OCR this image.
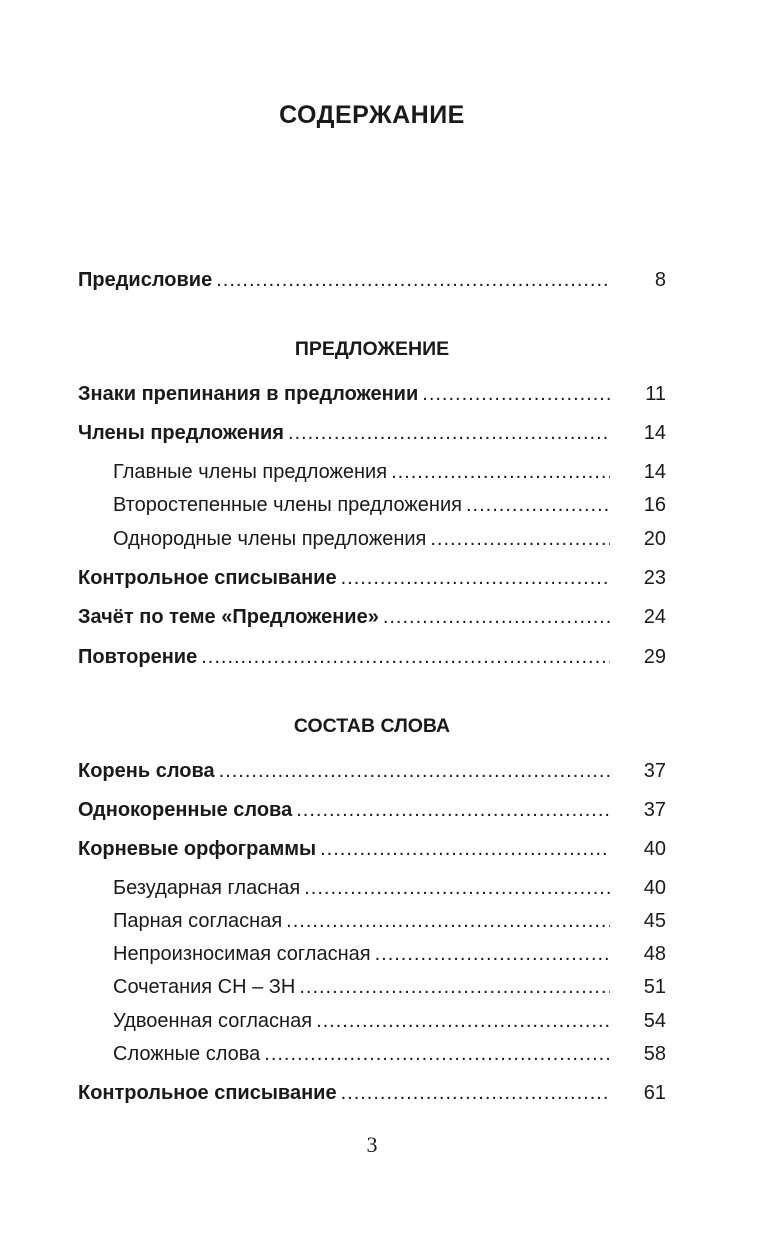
СОДЕРЖАНИЕ
Предисловие .....	8
ПРЕДЛОЖЕНИЕ
Знаки препинания в предложении .....	11
Члены предложения .....	14
Главные члены предложения .....	14
Второстепенные члены предложения .....	16
Однородные члены предложения .....	20
Контрольное списывание .....	23
Зачёт по теме «Предложение» .....	24
Повторение .....	29
СОСТАВ СЛОВА
Корень слова .....	37
Однокоренные слова .....	37
Корневые орфограммы .....	40
Безударная гласная .....	40
Парная согласная .....	45
Непроизносимая согласная .....	48
Сочетания СН – ЗН .....	51
Удвоенная согласная .....	54
Сложные слова .....	58
Контрольное списывание .....	61
3
